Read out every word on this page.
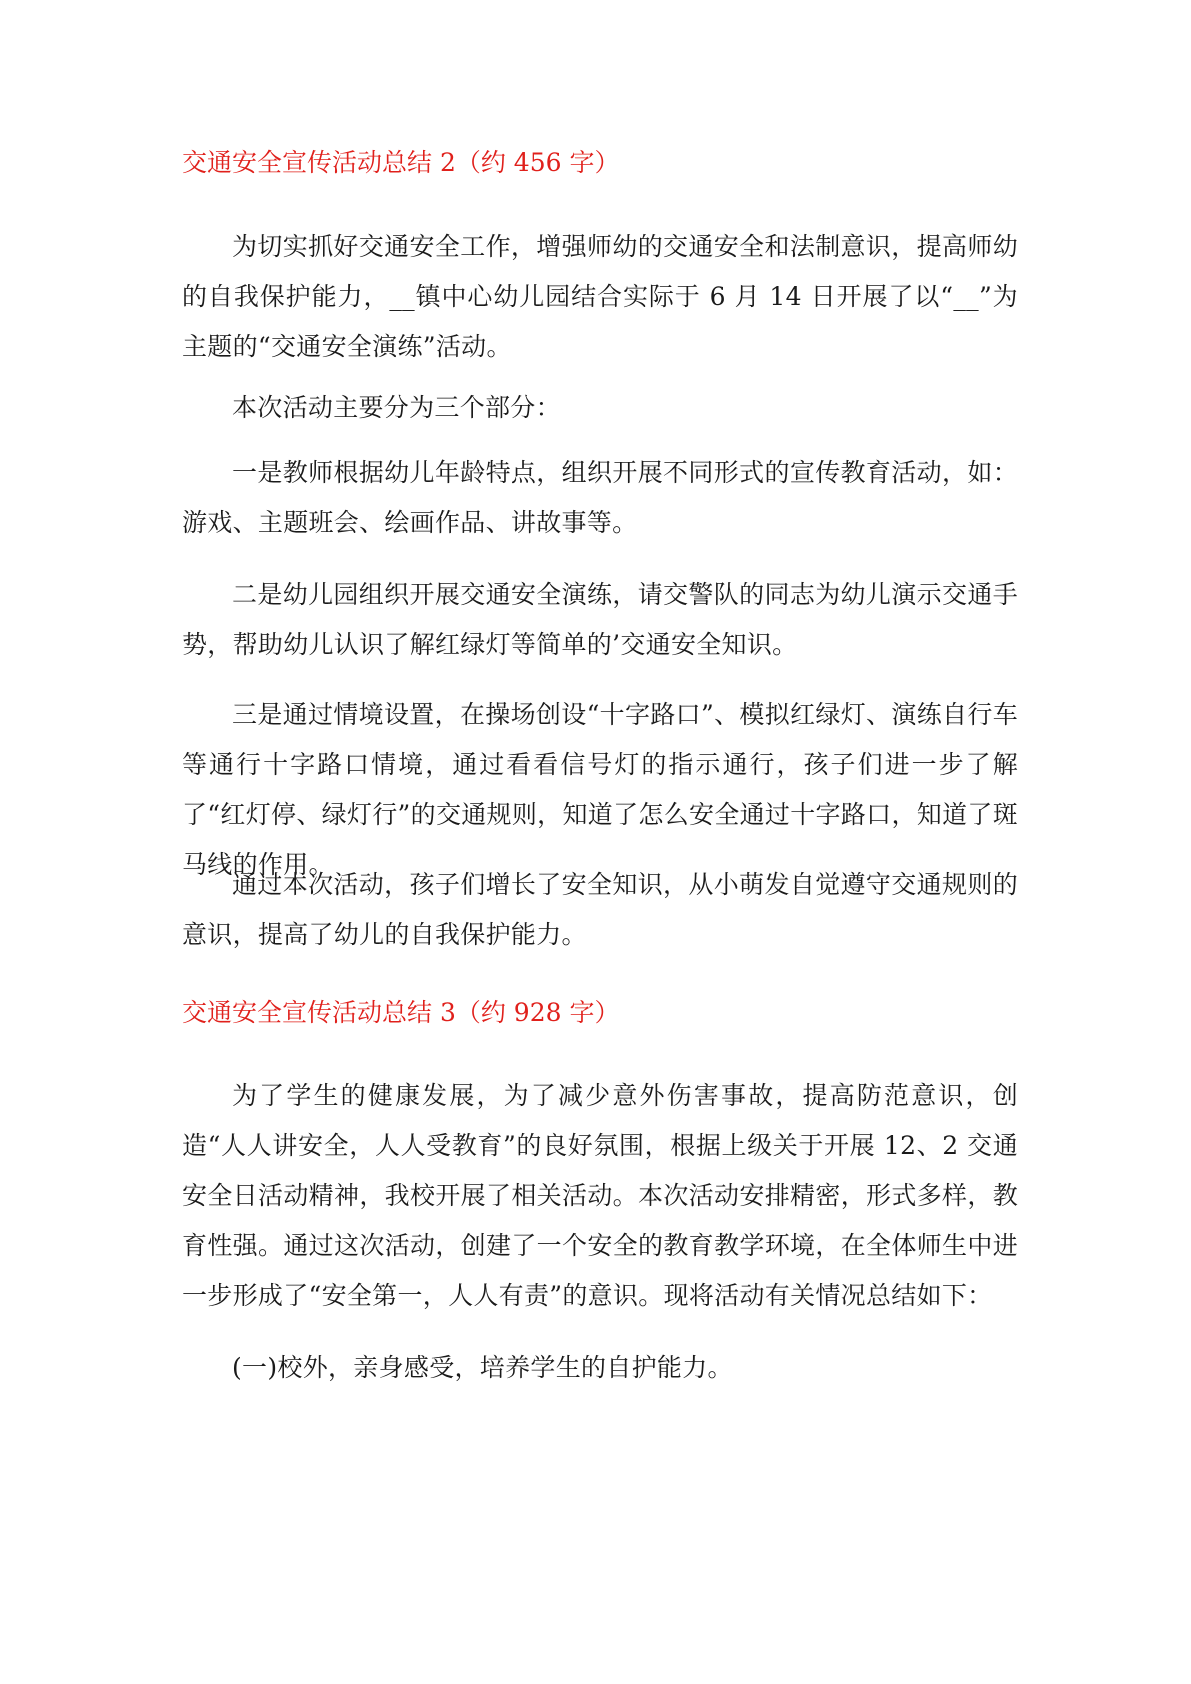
交通安全宣传活动总结 2（约 456 字）

为切实抓好交通安全工作，增强师幼的交通安全和法制意识，提高师幼的自我保护能力，__镇中心幼儿园结合实际于 6 月 14 日开展了以“__”为主题的“交通安全演练”活动。

本次活动主要分为三个部分：

一是教师根据幼儿年龄特点，组织开展不同形式的宣传教育活动，如：游戏、主题班会、绘画作品、讲故事等。

二是幼儿园组织开展交通安全演练，请交警队的同志为幼儿演示交通手势，帮助幼儿认识了解红绿灯等简单的’交通安全知识。

三是通过情境设置，在操场创设“十字路口”、模拟红绿灯、演练自行车等通行十字路口情境，通过看看信号灯的指示通行，孩子们进一步了解了“红灯停、绿灯行”的交通规则，知道了怎么安全通过十字路口，知道了斑马线的作用。

通过本次活动，孩子们增长了安全知识，从小萌发自觉遵守交通规则的意识，提高了幼儿的自我保护能力。

交通安全宣传活动总结 3（约 928 字）

为了学生的健康发展，为了减少意外伤害事故，提高防范意识，创造“人人讲安全，人人受教育”的良好氛围，根据上级关于开展 12、2 交通安全日活动精神，我校开展了相关活动。本次活动安排精密，形式多样，教育性强。通过这次活动，创建了一个安全的教育教学环境，在全体师生中进一步形成了“安全第一，人人有责”的意识。现将活动有关情况总结如下：

(一)校外，亲身感受，培养学生的自护能力。
